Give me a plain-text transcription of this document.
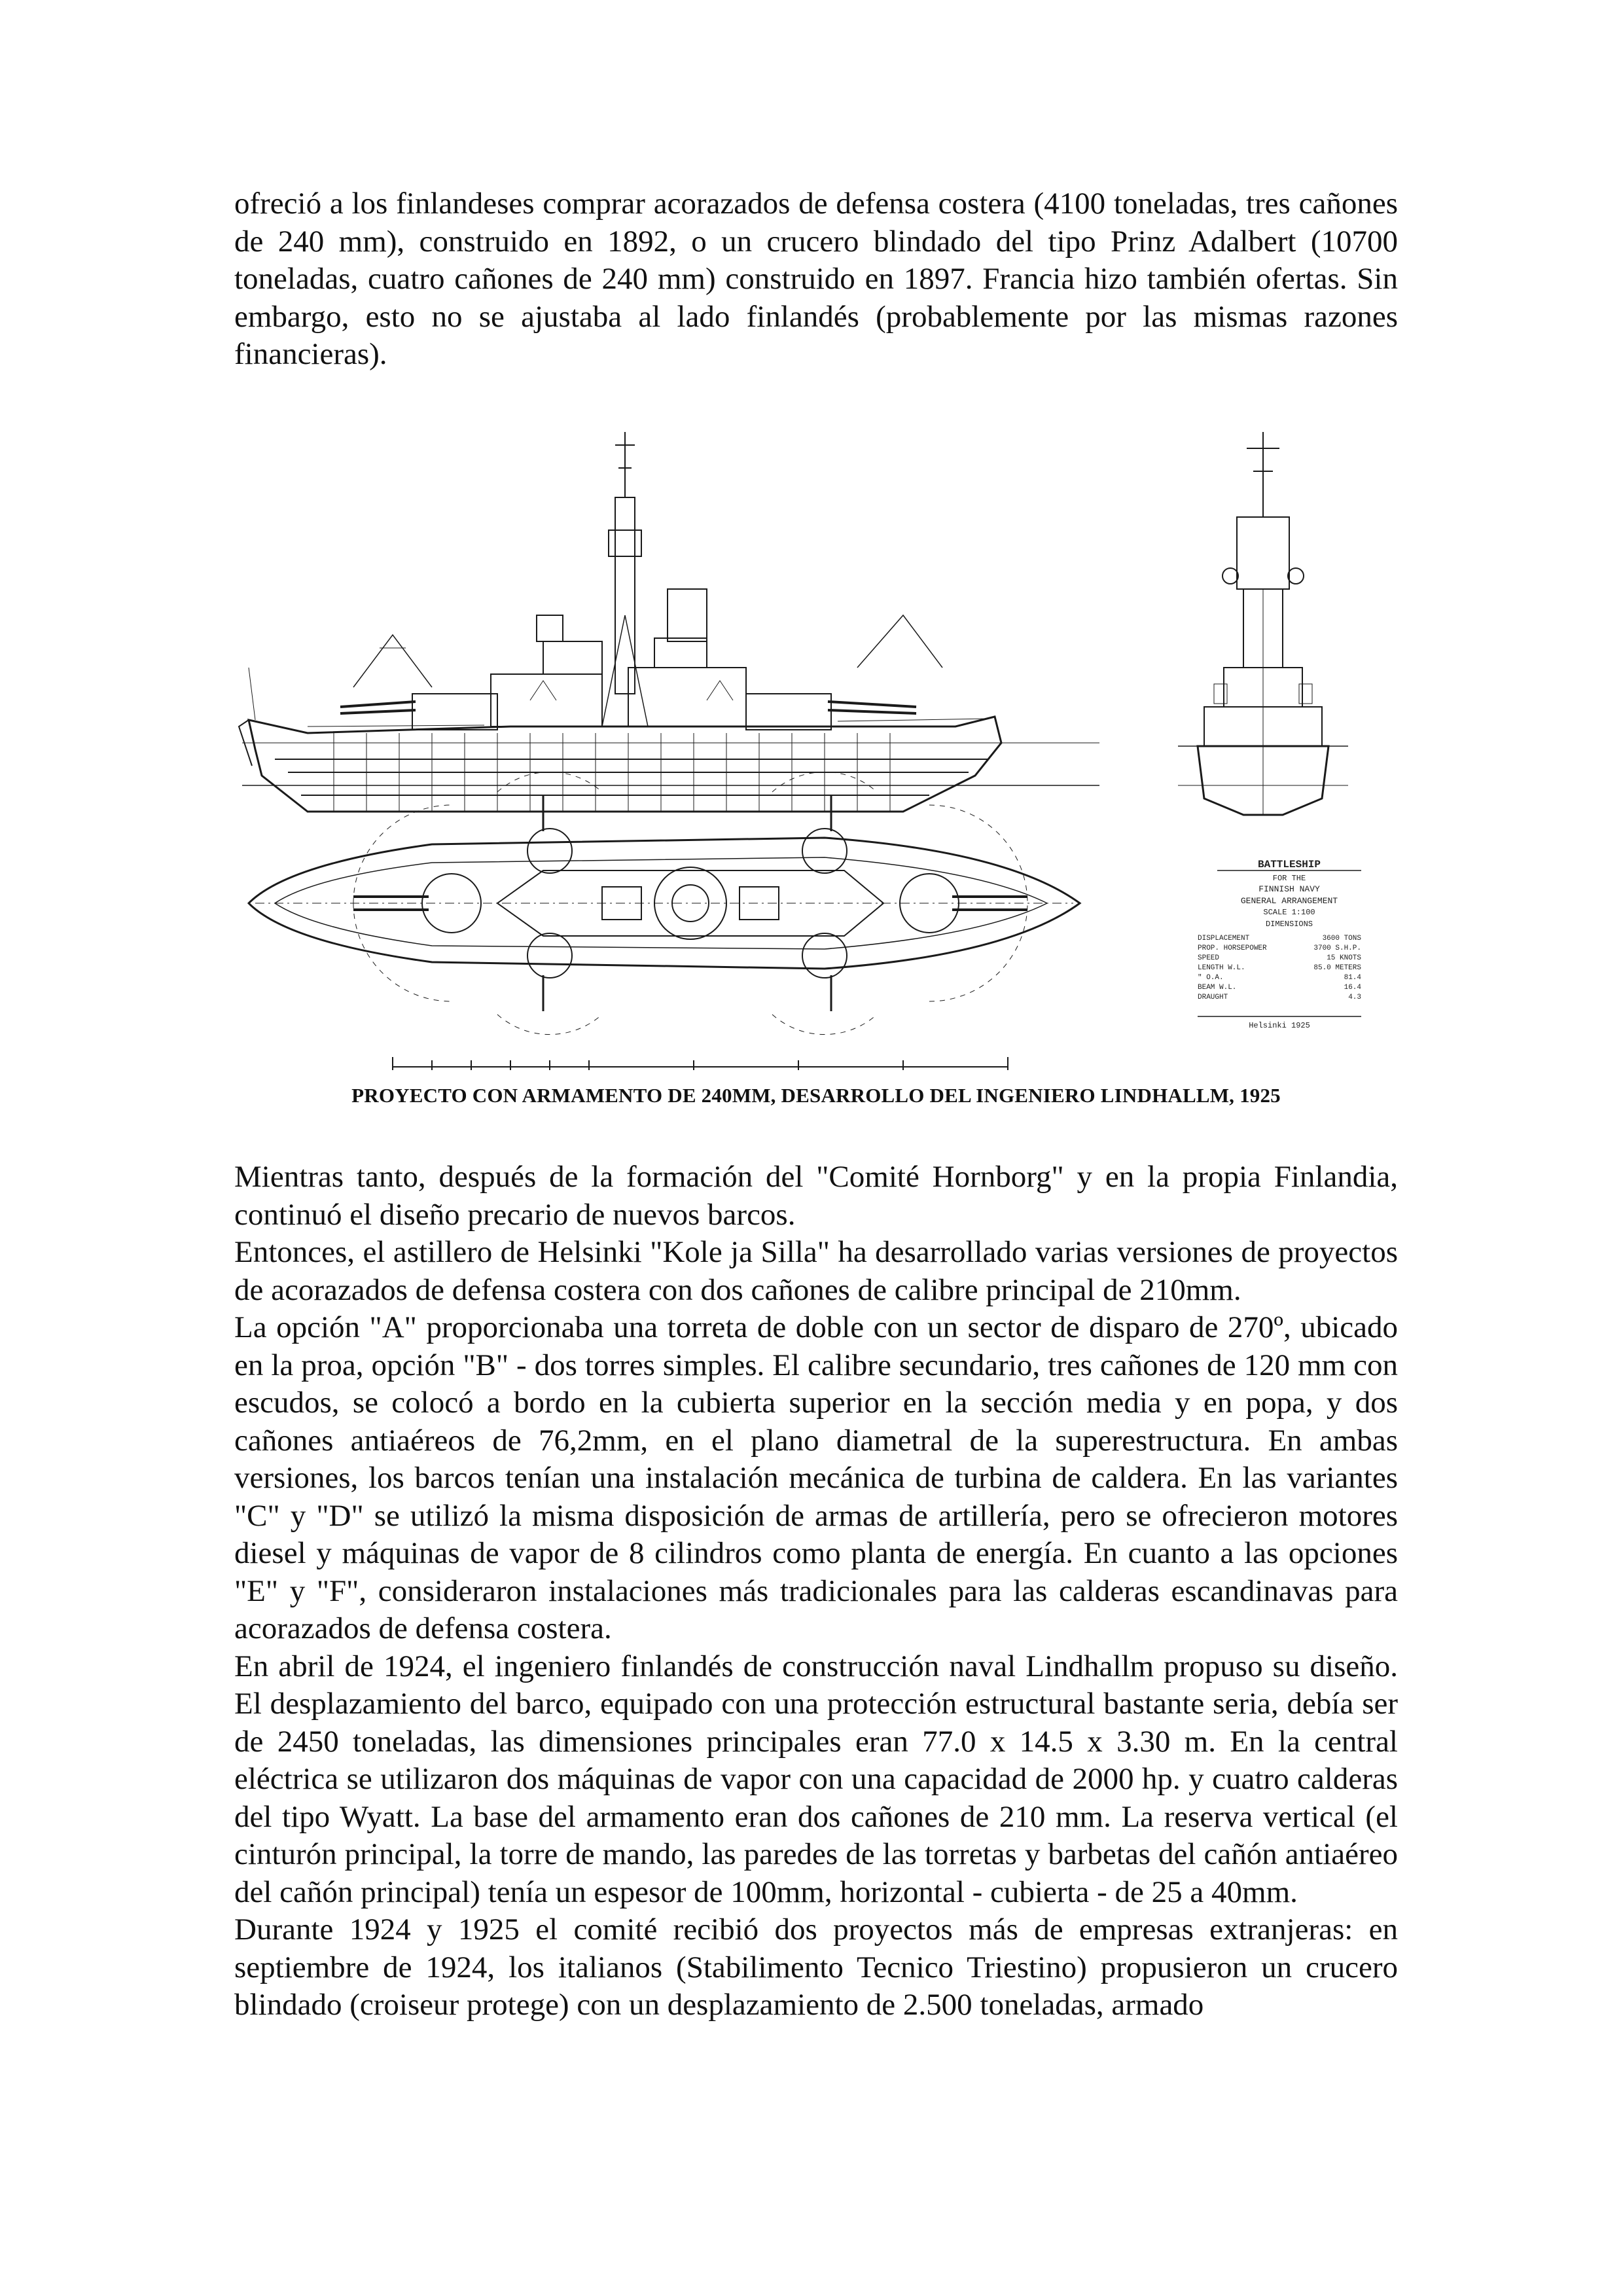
ofreció a los finlandeses comprar acorazados de defensa costera (4100 toneladas, tres cañones de 240 mm), construido en 1892, o un crucero blindado del tipo Prinz Adalbert (10700 toneladas, cuatro cañones de 240 mm) construido en 1897. Francia hizo también ofertas. Sin embargo, esto no se ajustaba al lado finlandés (probablemente por las mismas razones financieras).

BATTLESHIP
FOR THE
FINNISH NAVY
GENERAL ARRANGEMENT
SCALE 1:100
DIMENSIONS
DISPLACEMENT	3600 TONS
PROP. HORSEPOWER	3700 S.H.P.
SPEED	15 KNOTS
LENGTH W.L.	85.0 METERS
" O.A.	81.4
BEAM W.L.	16.4
DRAUGHT	4.3
Helsinki 1925
PROYECTO CON ARMAMENTO DE 240MM, DESARROLLO DEL INGENIERO LINDHALLM, 1925

Mientras tanto, después de la formación del "Comité Hornborg" y en la propia Finlandia, continuó el diseño precario de nuevos barcos.

Entonces, el astillero de Helsinki "Kole ja Silla" ha desarrollado varias versiones de proyectos de acorazados de defensa costera con dos cañones de calibre principal de 210mm.

La opción "A" proporcionaba una torreta de doble con un sector de disparo de 270º, ubicado en la proa, opción "B" - dos torres simples. El calibre secundario, tres cañones de 120 mm con escudos, se colocó a bordo en la cubierta superior en la sección media y en popa, y dos cañones antiaéreos de 76,2mm, en el plano diametral de la superestructura. En ambas versiones, los barcos tenían una instalación mecánica de turbina de caldera. En las variantes "C" y "D" se utilizó la misma disposición de armas de artillería, pero se ofrecieron motores diesel y máquinas de vapor de 8 cilindros como planta de energía. En cuanto a las opciones "E" y "F", consideraron instalaciones más tradicionales para las calderas escandinavas para acorazados de defensa costera.

En abril de 1924, el ingeniero finlandés de construcción naval Lindhallm propuso su diseño. El desplazamiento del barco, equipado con una protección estructural bastante seria, debía ser de 2450 toneladas, las dimensiones principales eran 77.0 x 14.5 x 3.30 m. En la central eléctrica se utilizaron dos máquinas de vapor con una capacidad de 2000 hp. y cuatro calderas del tipo Wyatt. La base del armamento eran dos cañones de 210 mm. La reserva vertical (el cinturón principal, la torre de mando, las paredes de las torretas y barbetas del cañón antiaéreo del cañón principal) tenía un espesor de 100mm, horizontal - cubierta - de 25 a 40mm.

Durante 1924 y 1925 el comité recibió dos proyectos más de empresas extranjeras: en septiembre de 1924, los italianos (Stabilimento Tecnico Triestino) propusieron un crucero blindado (croiseur protege) con un desplazamiento de 2.500 toneladas, armado
